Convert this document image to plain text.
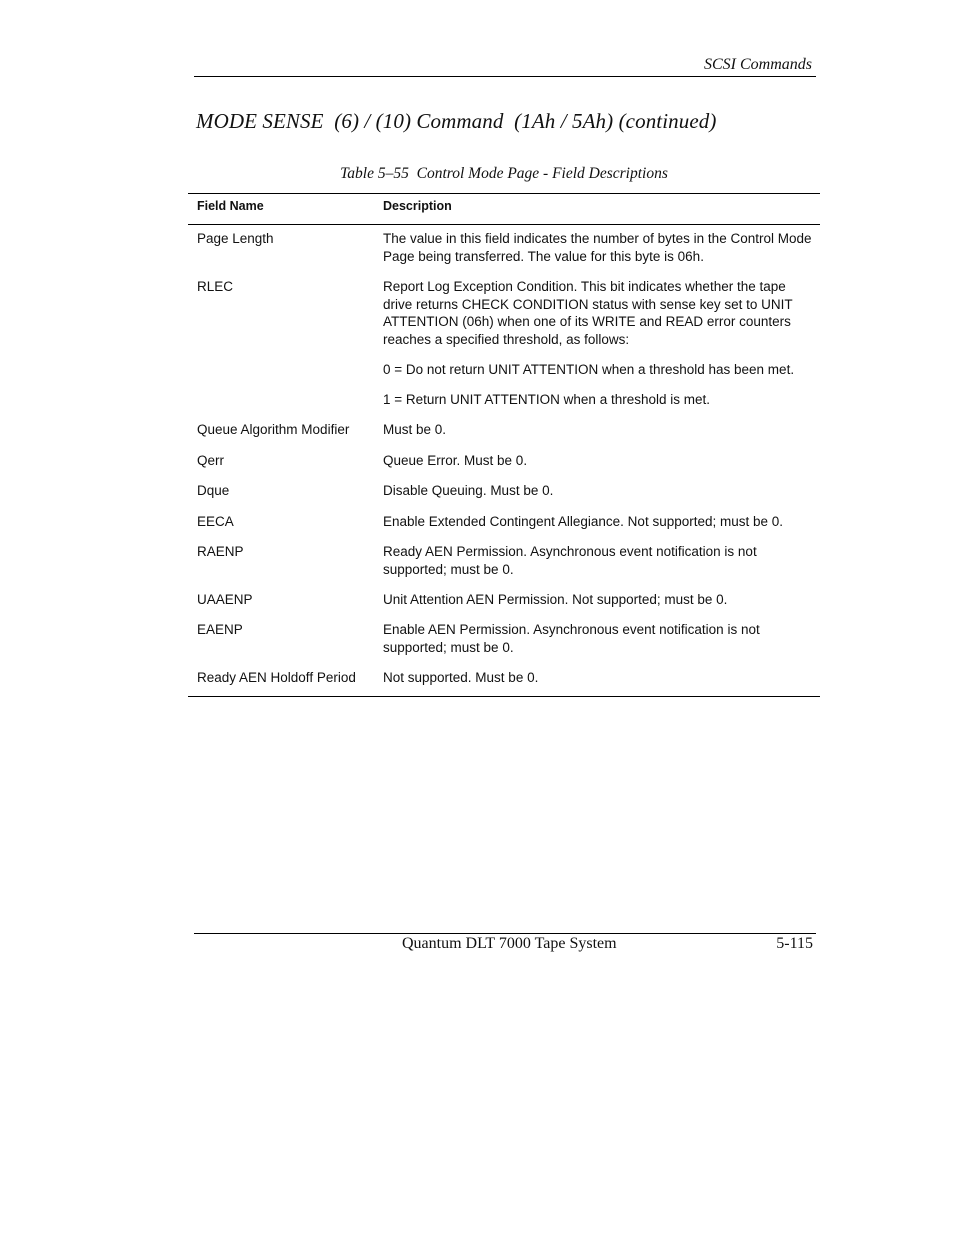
SCSI Commands
MODE SENSE  (6) / (10) Command  (1Ah / 5Ah) (continued)
Table 5–55  Control Mode Page - Field Descriptions
Field Name	Description
Page Length	The value in this field indicates the number of bytes in the Control Mode Page being transferred. The value for this byte is 06h.
RLEC	Report Log Exception Condition. This bit indicates whether the tape drive returns CHECK CONDITION status with sense key set to UNIT ATTENTION (06h) when one of its WRITE and READ error counters reaches a specified threshold, as follows:
0 = Do not return UNIT ATTENTION when a threshold has been met.
1 = Return UNIT ATTENTION when a threshold is met.
Queue Algorithm Modifier	Must be 0.
Qerr	Queue Error. Must be 0.
Dque	Disable Queuing. Must be 0.
EECA	Enable Extended Contingent Allegiance. Not supported; must be 0.
RAENP	Ready AEN Permission. Asynchronous event notification is not supported; must be 0.
UAAENP	Unit Attention AEN Permission. Not supported; must be 0.
EAENP	Enable AEN Permission. Asynchronous event notification is not supported; must be 0.
Ready AEN Holdoff Period	Not supported. Must be 0.
Quantum DLT 7000 Tape System	5-115
